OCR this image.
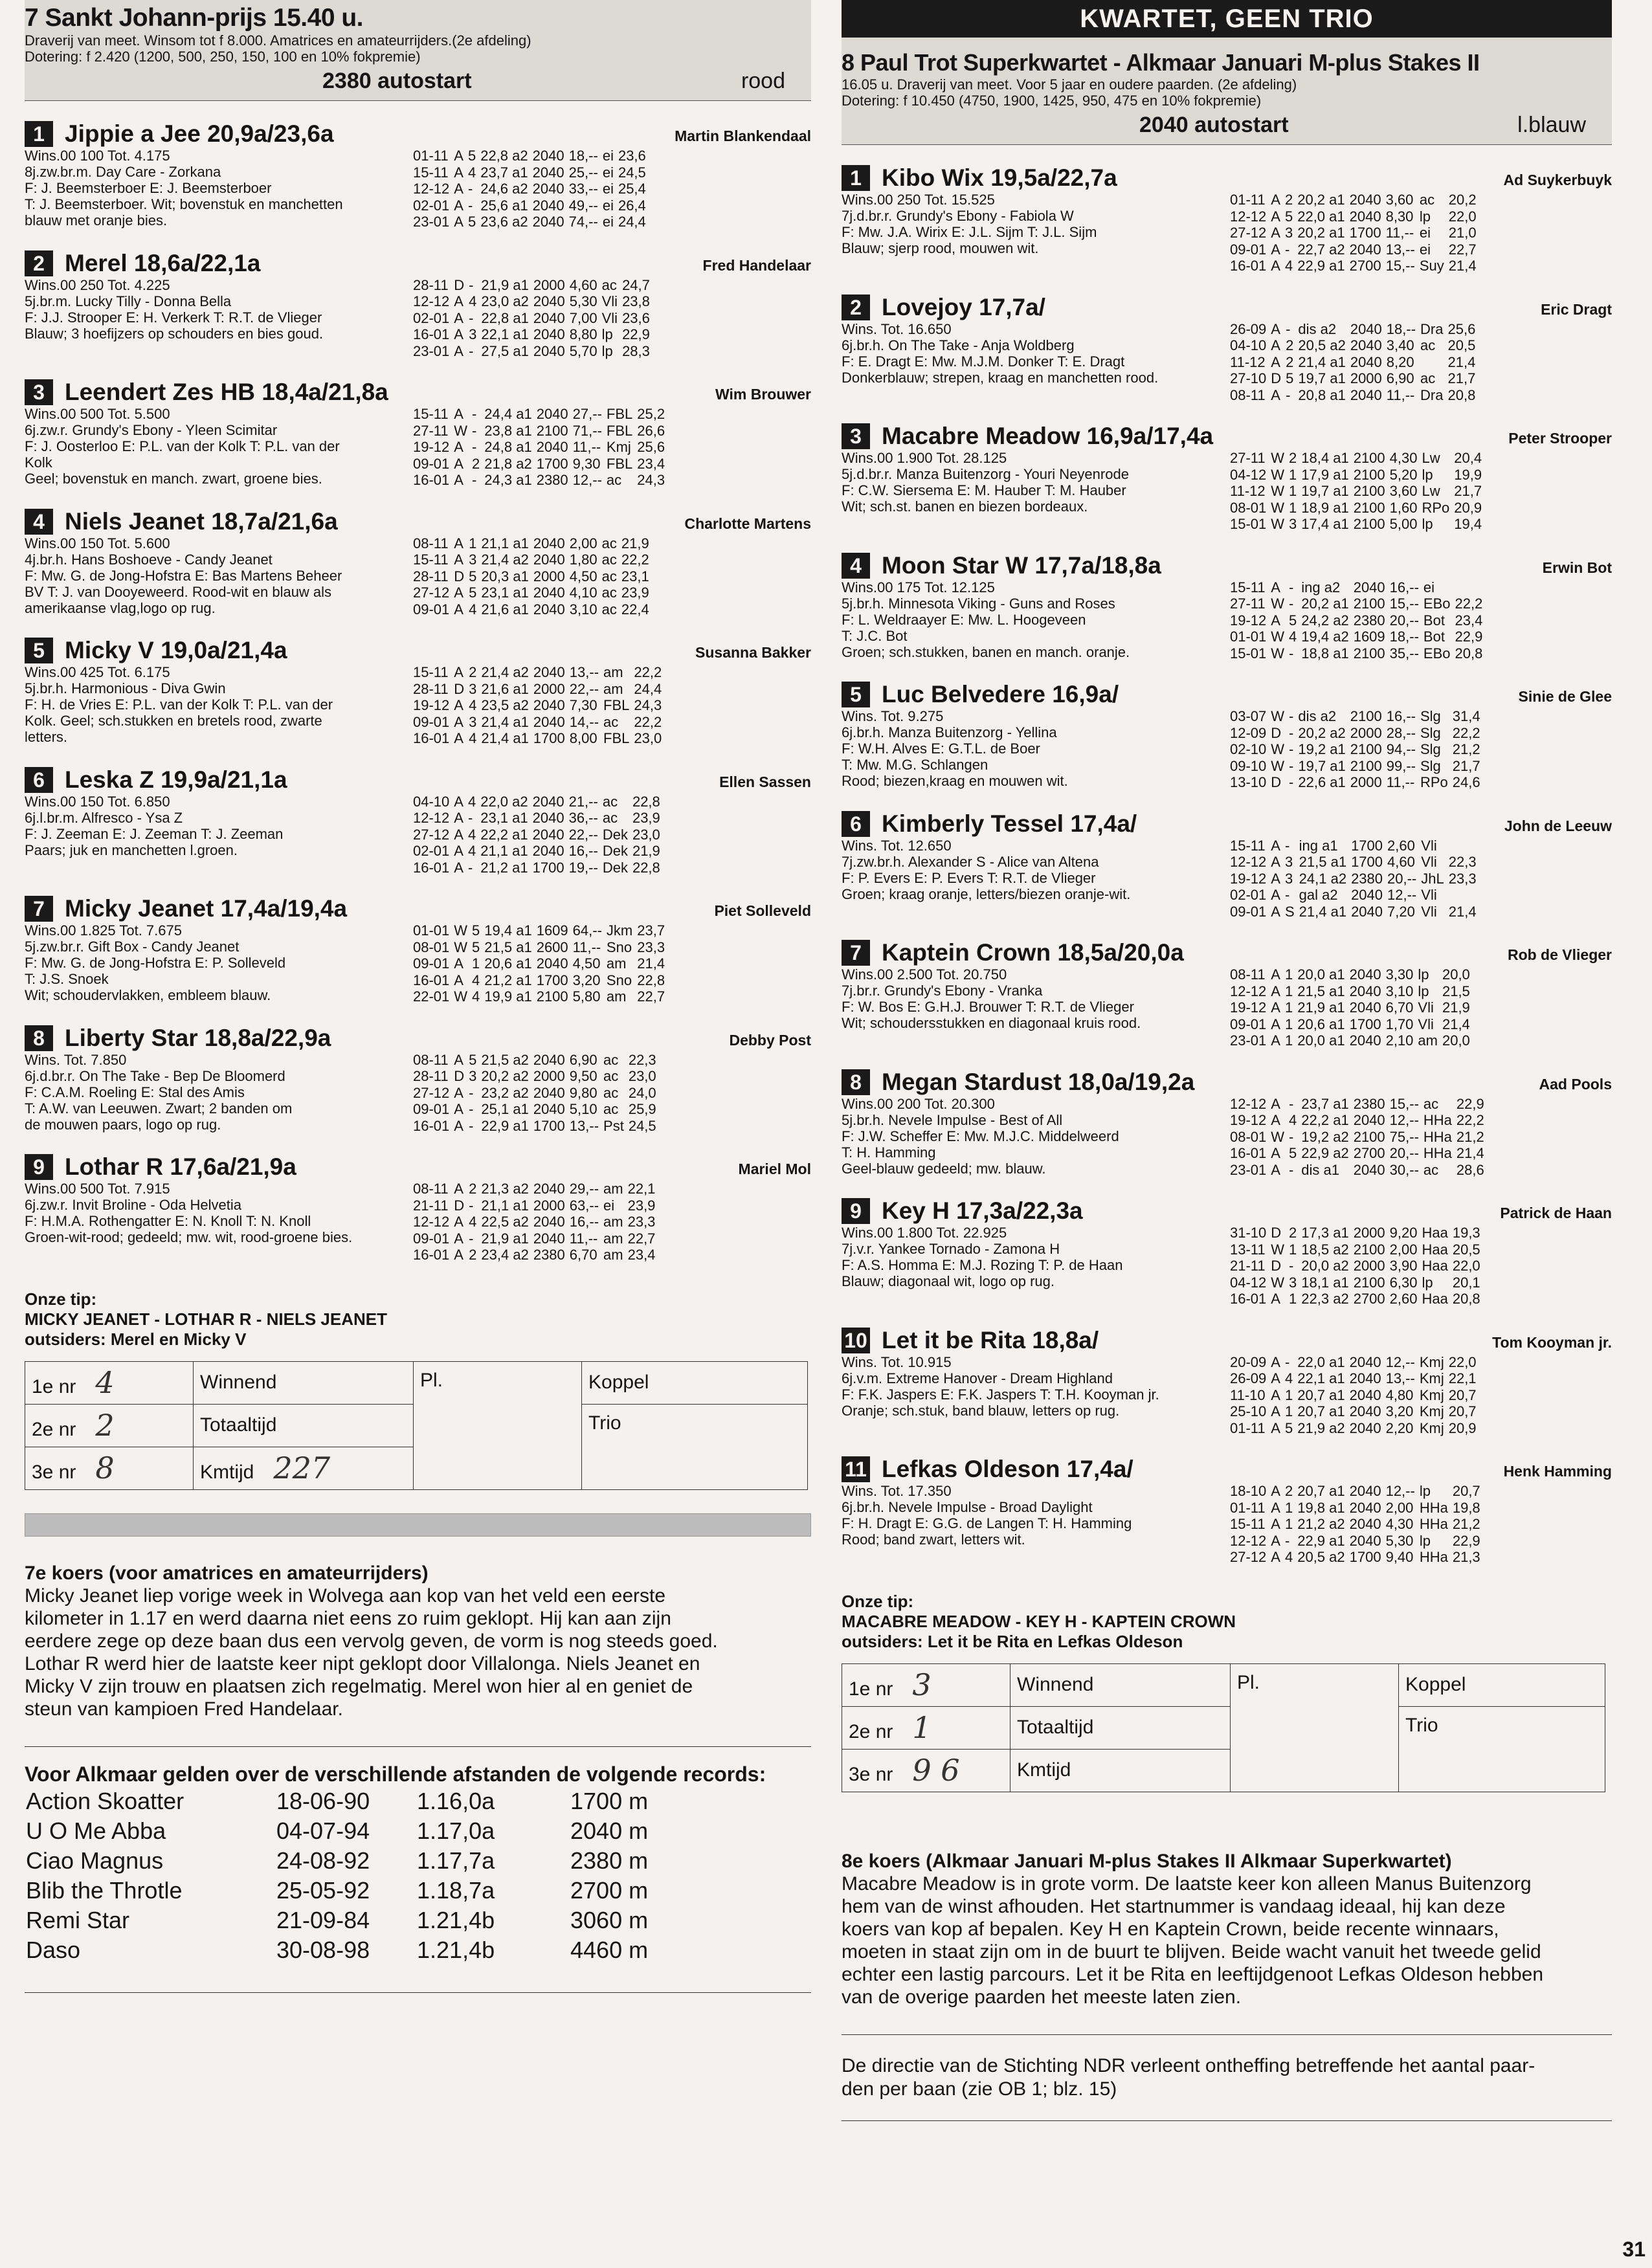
7 Sankt Johann-prijs 15.40 u.
Draverij van meet. Winsom tot f 8.000. Amatrices en amateurrijders.(2e afdeling)
Dotering: f 2.420 (1200, 500, 250, 150, 100 en 10% fokpremie)
2380 autostart	rood
1 Jippie a Jee 20,9a/23,6a	Martin Blankendaal
Wins.00 100 Tot. 4.175
8j.zw.br.m. Day Care - Zorkana
F: J. Beemsterboer E: J. Beemsterboer
T: J. Beemsterboer. Wit; bovenstuk en manchetten
blauw met oranje bies.
01-11	A	5	22,8 a2	2040	18,--	ei	23,6
15-11	A	4	23,7 a1	2040	25,--	ei	24,5
12-12	A	-	24,6 a2	2040	33,--	ei	25,4
02-01	A	-	25,6 a1	2040	49,--	ei	26,4
23-01	A	5	23,6 a2	2040	74,--	ei	24,4
2 Merel 18,6a/22,1a	Fred Handelaar
Wins.00 250 Tot. 4.225
5j.br.m. Lucky Tilly - Donna Bella
F: J.J. Strooper E: H. Verkerk T: R.T. de Vlieger
Blauw; 3 hoefijzers op schouders en bies goud.
28-11	D	-	21,9 a1	2000	4,60	ac	24,7
12-12	A	4	23,0 a2	2040	5,30	Vli	23,8
02-01	A	-	22,8 a1	2040	7,00	Vli	23,6
16-01	A	3	22,1 a1	2040	8,80	lp	22,9
23-01	A	-	27,5 a1	2040	5,70	lp	28,3
3 Leendert Zes HB 18,4a/21,8a	Wim Brouwer
Wins.00 500 Tot. 5.500
6j.zw.r. Grundy's Ebony - Yleen Scimitar
F: J. Oosterloo E: P.L. van der Kolk T: P.L. van der
Kolk
Geel; bovenstuk en manch. zwart, groene bies.
15-11	A	-	24,4 a1	2040	27,--	FBL	25,2
27-11	W	-	23,8 a1	2100	71,--	FBL	26,6
19-12	A	-	24,8 a1	2040	11,--	Kmj	25,6
09-01	A	2	21,8 a2	1700	9,30	FBL	23,4
16-01	A	-	24,3 a1	2380	12,--	ac	24,3
4 Niels Jeanet 18,7a/21,6a	Charlotte Martens
Wins.00 150 Tot. 5.600
4j.br.h. Hans Boshoeve - Candy Jeanet
F: Mw. G. de Jong-Hofstra E: Bas Martens Beheer
BV T: J. van Dooyeweerd. Rood-wit en blauw als
amerikaanse vlag,logo op rug.
08-11	A	1	21,1 a1	2040	2,00	ac	21,9
15-11	A	3	21,4 a2	2040	1,80	ac	22,2
28-11	D	5	20,3 a1	2000	4,50	ac	23,1
27-12	A	5	23,1 a1	2040	4,10	ac	23,9
09-01	A	4	21,6 a1	2040	3,10	ac	22,4
5 Micky V 19,0a/21,4a	Susanna Bakker
Wins.00 425 Tot. 6.175
5j.br.h. Harmonious - Diva Gwin
F: H. de Vries E: P.L. van der Kolk T: P.L. van der
Kolk. Geel; sch.stukken en bretels rood, zwarte
letters.
15-11	A	2	21,4 a2	2040	13,--	am	22,2
28-11	D	3	21,6 a1	2000	22,--	am	24,4
19-12	A	4	23,5 a2	2040	7,30	FBL	24,3
09-01	A	3	21,4 a1	2040	14,--	ac	22,2
16-01	A	4	21,4 a1	1700	8,00	FBL	23,0
6 Leska Z 19,9a/21,1a	Ellen Sassen
Wins.00 150 Tot. 6.850
6j.l.br.m. Alfresco - Ysa Z
F: J. Zeeman E: J. Zeeman T: J. Zeeman
Paars; juk en manchetten l.groen.
04-10	A	4	22,0 a2	2040	21,--	ac	22,8
12-12	A	-	23,1 a1	2040	36,--	ac	23,9
27-12	A	4	22,2 a1	2040	22,--	Dek	23,0
02-01	A	4	21,1 a1	2040	16,--	Dek	21,9
16-01	A	-	21,2 a1	1700	19,--	Dek	22,8
7 Micky Jeanet 17,4a/19,4a	Piet Solleveld
Wins.00 1.825 Tot. 7.675
5j.zw.br.r. Gift Box - Candy Jeanet
F: Mw. G. de Jong-Hofstra E: P. Solleveld
T: J.S. Snoek
Wit; schoudervlakken, embleem blauw.
01-01	W	5	19,4 a1	1609	64,--	Jkm	23,7
08-01	W	5	21,5 a1	2600	11,--	Sno	23,3
09-01	A	1	20,6 a1	2040	4,50	am	21,4
16-01	A	4	21,2 a1	1700	3,20	Sno	22,8
22-01	W	4	19,9 a1	2100	5,80	am	22,7
8 Liberty Star 18,8a/22,9a	Debby Post
Wins. Tot. 7.850
6j.d.br.r. On The Take - Bep De Bloomerd
F: C.A.M. Roeling E: Stal des Amis
T: A.W. van Leeuwen. Zwart; 2 banden om
de mouwen paars, logo op rug.
08-11	A	5	21,5 a2	2040	6,90	ac	22,3
28-11	D	3	20,2 a2	2000	9,50	ac	23,0
27-12	A	-	23,2 a2	2040	9,80	ac	24,0
09-01	A	-	25,1 a1	2040	5,10	ac	25,9
16-01	A	-	22,9 a1	1700	13,--	Pst	24,5
9 Lothar R 17,6a/21,9a	Mariel Mol
Wins.00 500 Tot. 7.915
6j.zw.r. Invit Broline - Oda Helvetia
F: H.M.A. Rothengatter E: N. Knoll T: N. Knoll
Groen-wit-rood; gedeeld; mw. wit, rood-groene bies.
08-11	A	2	21,3 a2	2040	29,--	am	22,1
21-11	D	-	21,1 a1	2000	63,--	ei	23,9
12-12	A	4	22,5 a2	2040	16,--	am	23,3
09-01	A	-	21,9 a1	2040	11,--	am	22,7
16-01	A	2	23,4 a2	2380	6,70	am	23,4
Onze tip:
MICKY JEANET - LOTHAR R - NIELS JEANET
outsiders: Merel en Micky V
1e nr 4	Winnend	Pl.	Koppel
2e nr 2	Totaaltijd		Trio
3e nr 8	Kmtijd 227		
7e koers (voor amatrices en amateurrijders)
Micky Jeanet liep vorige week in Wolvega aan kop van het veld een eerste
kilometer in 1.17 en werd daarna niet eens zo ruim geklopt. Hij kan aan zijn
eerdere zege op deze baan dus een vervolg geven, de vorm is nog steeds goed.
Lothar R werd hier de laatste keer nipt geklopt door Villalonga. Niels Jeanet en
Micky V zijn trouw en plaatsen zich regelmatig. Merel won hier al en geniet de
steun van kampioen Fred Handelaar.
Voor Alkmaar gelden over de verschillende afstanden de volgende records:
Action Skoatter	18-06-90	1.16,0a	1700 m
U O Me Abba	04-07-94	1.17,0a	2040 m
Ciao Magnus	24-08-92	1.17,7a	2380 m
Blib the Throtle	25-05-92	1.18,7a	2700 m
Remi Star	21-09-84	1.21,4b	3060 m
Daso	30-08-98	1.21,4b	4460 m
KWARTET, GEEN TRIO
8 Paul Trot Superkwartet - Alkmaar Januari M-plus Stakes II
16.05 u. Draverij van meet. Voor 5 jaar en oudere paarden. (2e afdeling)
Dotering: f 10.450 (4750, 1900, 1425, 950, 475 en 10% fokpremie)
2040 autostart	l.blauw
1 Kibo Wix 19,5a/22,7a	Ad Suykerbuyk
Wins.00 250 Tot. 15.525
7j.d.br.r. Grundy's Ebony - Fabiola W
F: Mw. J.A. Wirix E: J.L. Sijm T: J.L. Sijm
Blauw; sjerp rood, mouwen wit.
01-11	A	2	20,2 a1	2040	3,60	ac	20,2
12-12	A	5	22,0 a1	2040	8,30	lp	22,0
27-12	A	3	20,2 a1	1700	11,--	ei	21,0
09-01	A	-	22,7 a2	2040	13,--	ei	22,7
16-01	A	4	22,9 a1	2700	15,--	Suy	21,4
2 Lovejoy 17,7a/	Eric Dragt
Wins. Tot. 16.650
6j.br.h. On The Take - Anja Woldberg
F: E. Dragt E: Mw. M.J.M. Donker T: E. Dragt
Donkerblauw; strepen, kraag en manchetten rood.
26-09	A	-	dis a2	2040	18,--	Dra	25,6
04-10	A	2	20,5 a2	2040	3,40	ac	20,5
11-12	A	2	21,4 a1	2040	8,20		21,4
27-10	D	5	19,7 a1	2000	6,90	ac	21,7
08-11	A	-	20,8 a1	2040	11,--	Dra	20,8
3 Macabre Meadow 16,9a/17,4a	Peter Strooper
Wins.00 1.900 Tot. 28.125
5j.d.br.r. Manza Buitenzorg - Youri Neyenrode
F: C.W. Siersema E: M. Hauber T: M. Hauber
Wit; sch.st. banen en biezen bordeaux.
27-11	W	2	18,4 a1	2100	4,30	Lw	20,4
04-12	W	1	17,9 a1	2100	5,20	lp	19,9
11-12	W	1	19,7 a1	2100	3,60	Lw	21,7
08-01	W	1	18,9 a1	2100	1,60	RPo	20,9
15-01	W	3	17,4 a1	2100	5,00	lp	19,4
4 Moon Star W 17,7a/18,8a	Erwin Bot
Wins.00 175 Tot. 12.125
5j.br.h. Minnesota Viking - Guns and Roses
F: L. Weldraayer E: Mw. L. Hoogeveen
T: J.C. Bot
Groen; sch.stukken, banen en manch. oranje.
15-11	A	-	ing a2	2040	16,--	ei	
27-11	W	-	20,2 a1	2100	15,--	EBo	22,2
19-12	A	5	24,2 a2	2380	20,--	Bot	23,4
01-01	W	4	19,4 a2	1609	18,--	Bot	22,9
15-01	W	-	18,8 a1	2100	35,--	EBo	20,8
5 Luc Belvedere 16,9a/	Sinie de Glee
Wins. Tot. 9.275
6j.br.h. Manza Buitenzorg - Yellina
F: W.H. Alves E: G.T.L. de Boer
T: Mw. M.G. Schlangen
Rood; biezen,kraag en mouwen wit.
03-07	W	-	dis a2	2100	16,--	Slg	31,4
12-09	D	-	20,2 a2	2000	28,--	Slg	22,2
02-10	W	-	19,2 a1	2100	94,--	Slg	21,2
09-10	W	-	19,7 a1	2100	99,--	Slg	21,7
13-10	D	-	22,6 a1	2000	11,--	RPo	24,6
6 Kimberly Tessel 17,4a/	John de Leeuw
Wins. Tot. 12.650
7j.zw.br.h. Alexander S - Alice van Altena
F: P. Evers E: P. Evers T: R.T. de Vlieger
Groen; kraag oranje, letters/biezen oranje-wit.
15-11	A	-	ing a1	1700	2,60	Vli	
12-12	A	3	21,5 a1	1700	4,60	Vli	22,3
19-12	A	3	24,1 a2	2380	20,--	JhL	23,3
02-01	A	-	gal a2	2040	12,--	Vli	
09-01	A	S	21,4 a1	2040	7,20	Vli	21,4
7 Kaptein Crown 18,5a/20,0a	Rob de Vlieger
Wins.00 2.500 Tot. 20.750
7j.br.r. Grundy's Ebony - Vranka
F: W. Bos E: G.H.J. Brouwer T: R.T. de Vlieger
Wit; schoudersstukken en diagonaal kruis rood.
08-11	A	1	20,0 a1	2040	3,30	lp	20,0
12-12	A	1	21,5 a1	2040	3,10	lp	21,5
19-12	A	1	21,9 a1	2040	6,70	Vli	21,9
09-01	A	1	20,6 a1	1700	1,70	Vli	21,4
23-01	A	1	20,0 a1	2040	2,10	am	20,0
8 Megan Stardust 18,0a/19,2a	Aad Pools
Wins.00 200 Tot. 20.300
5j.br.h. Nevele Impulse - Best of All
F: J.W. Scheffer E: Mw. M.J.C. Middelweerd
T: H. Hamming
Geel-blauw gedeeld; mw. blauw.
12-12	A	-	23,7 a1	2380	15,--	ac	22,9
19-12	A	4	22,2 a1	2040	12,--	HHa	22,2
08-01	W	-	19,2 a2	2100	75,--	HHa	21,2
16-01	A	5	22,9 a2	2700	20,--	HHa	21,4
23-01	A	-	dis a1	2040	30,--	ac	28,6
9 Key H 17,3a/22,3a	Patrick de Haan
Wins.00 1.800 Tot. 22.925
7j.v.r. Yankee Tornado - Zamona H
F: A.S. Homma E: M.J. Rozing T: P. de Haan
Blauw; diagonaal wit, logo op rug.
31-10	D	2	17,3 a1	2000	9,20	Haa	19,3
13-11	W	1	18,5 a2	2100	2,00	Haa	20,5
21-11	D	-	20,0 a2	2000	3,90	Haa	22,0
04-12	W	3	18,1 a1	2100	6,30	lp	20,1
16-01	A	1	22,3 a2	2700	2,60	Haa	20,8
10 Let it be Rita 18,8a/	Tom Kooyman jr.
Wins. Tot. 10.915
6j.v.m. Extreme Hanover - Dream Highland
F: F.K. Jaspers E: F.K. Jaspers T: T.H. Kooyman jr.
Oranje; sch.stuk, band blauw, letters op rug.
20-09	A	-	22,0 a1	2040	12,--	Kmj	22,0
26-09	A	4	22,1 a1	2040	13,--	Kmj	22,1
11-10	A	1	20,7 a1	2040	4,80	Kmj	20,7
25-10	A	1	20,7 a1	2040	3,20	Kmj	20,7
01-11	A	5	21,9 a2	2040	2,20	Kmj	20,9
11 Lefkas Oldeson 17,4a/	Henk Hamming
Wins. Tot. 17.350
6j.br.h. Nevele Impulse - Broad Daylight
F: H. Dragt E: G.G. de Langen T: H. Hamming
Rood; band zwart, letters wit.
18-10	A	2	20,7 a1	2040	12,--	lp	20,7
01-11	A	1	19,8 a1	2040	2,00	HHa	19,8
15-11	A	1	21,2 a2	2040	4,30	HHa	21,2
12-12	A	-	22,9 a1	2040	5,30	lp	22,9
27-12	A	4	20,5 a2	1700	9,40	HHa	21,3
Onze tip:
MACABRE MEADOW - KEY H - KAPTEIN CROWN
outsiders: Let it be Rita en Lefkas Oldeson
1e nr 3	Winnend	Pl.	Koppel
2e nr 1	Totaaltijd		Trio
3e nr 9 6	Kmtijd		
8e koers (Alkmaar Januari M-plus Stakes II Alkmaar Superkwartet)
Macabre Meadow is in grote vorm. De laatste keer kon alleen Manus Buitenzorg
hem van de winst afhouden. Het startnummer is vandaag ideaal, hij kan deze
koers van kop af bepalen. Key H en Kaptein Crown, beide recente winnaars,
moeten in staat zijn om in de buurt te blijven. Beide wacht vanuit het tweede gelid
echter een lastig parcours. Let it be Rita en leeftijdgenoot Lefkas Oldeson hebben
van de overige paarden het meeste laten zien.
De directie van de Stichting NDR verleent ontheffing betreffende het aantal paar-
den per baan (zie OB 1; blz. 15)
31
